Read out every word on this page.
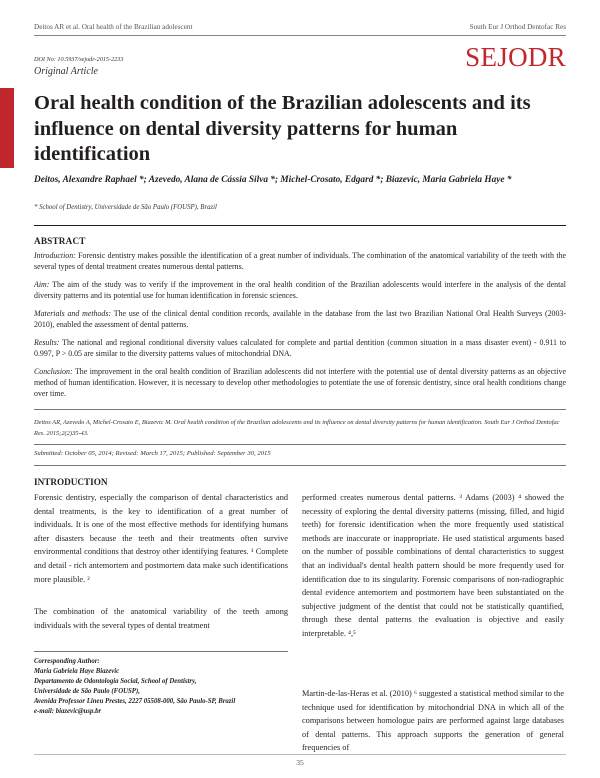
Deitos AR et al. Oral health of the Brazilian adolescent	South Eur J Orthod Dentofac Res
DOI No: 10.5937/sejodr-2015-2233
Original Article	SEJODR
Oral health condition of the Brazilian adolescents and its influence on dental diversity patterns for human identification
Deitos, Alexandre Raphael *; Azevedo, Alana de Cássia Silva *; Michel-Crosato, Edgard *; Biazevic, Maria Gabriela Haye *
* School of Dentistry, Universidade de São Paulo (FOUSP), Brazil
ABSTRACT

Introduction: Forensic dentistry makes possible the identification of a great number of individuals. The combination of the anatomical variability of the teeth with the several types of dental treatment creates numerous dental patterns.

Aim: The aim of the study was to verify if the improvement in the oral health condition of the Brazilian adolescents would interfere in the analysis of the dental diversity patterns and its potential use for human identification in forensic sciences.

Materials and methods: The use of the clinical dental condition records, available in the database from the last two Brazilian National Oral Health Surveys (2003-2010), enabled the assessment of dental patterns.

Results: The national and regional conditional diversity values calculated for complete and partial dentition (common situation in a mass disaster event) - 0.911 to 0.997, P > 0.05 are similar to the diversity patterns values of mitochondrial DNA.

Conclusion: The improvement in the oral health condition of Brazilian adolescents did not interfere with the potential use of dental diversity patterns as an objective method of human identification. However, it is necessary to develop other methodologies to potentiate the use of forensic dentistry, since oral health conditions change over time.

Deitos AR, Azevedo A, Michel-Crosato E, Biazevic M. Oral health condition of the Brazilian adolescents and its influence on dental diversity patterns for human identification. South Eur J Orthod Dentofac Res. 2015;2(2)35-43.
Submitted: October 05, 2014; Revised: March 17, 2015; Published: September 30, 2015
INTRODUCTION

Forensic dentistry, especially the comparison of dental characteristics and dental treatments, is the key to identification of a great number of individuals. It is one of the most effective methods for identifying humans after disasters because the teeth and their treatments often survive environmental conditions that destroy other identifying features. ¹ Complete and detail - rich antemortem and postmortem data make such identifications more plausible. ²

The combination of the anatomical variability of the teeth among individuals with the several types of dental treatment

performed creates numerous dental patterns. ³ Adams (2003) ⁴ showed the necessity of exploring the dental diversity patterns (missing, filled, and higid teeth) for forensic identification when the more frequently used statistical methods are inaccurate or inappropriate. He used statistical arguments based on the number of possible combinations of dental characteristics to suggest that an individual's dental health pattern should be more frequently used for identification due to its singularity. Forensic comparisons of non-radiographic dental evidence antemortem and postmortem have been substantiated on the subjective judgment of the dentist that could not be statistically quantified, through these dental patterns the evaluation is objective and easily interpretable. ⁴,⁵

Martin-de-las-Heras et al. (2010) ⁶ suggested a statistical method similar to the technique used for identification by mitochondrial DNA in which all of the comparisons between homologue pairs are performed against large databases of dental patterns. This approach supports the generation of general frequencies of

Corresponding Author:
Maria Gabriela Haye Biazevic
Departamento de Odontologia Social, School of Dentistry,
Universidade de São Paulo (FOUSP),
Avenida Professor Lineu Prestes, 2227 05508-000, São Paulo-SP, Brazil
e-mail: biazevic@usp.br
35
